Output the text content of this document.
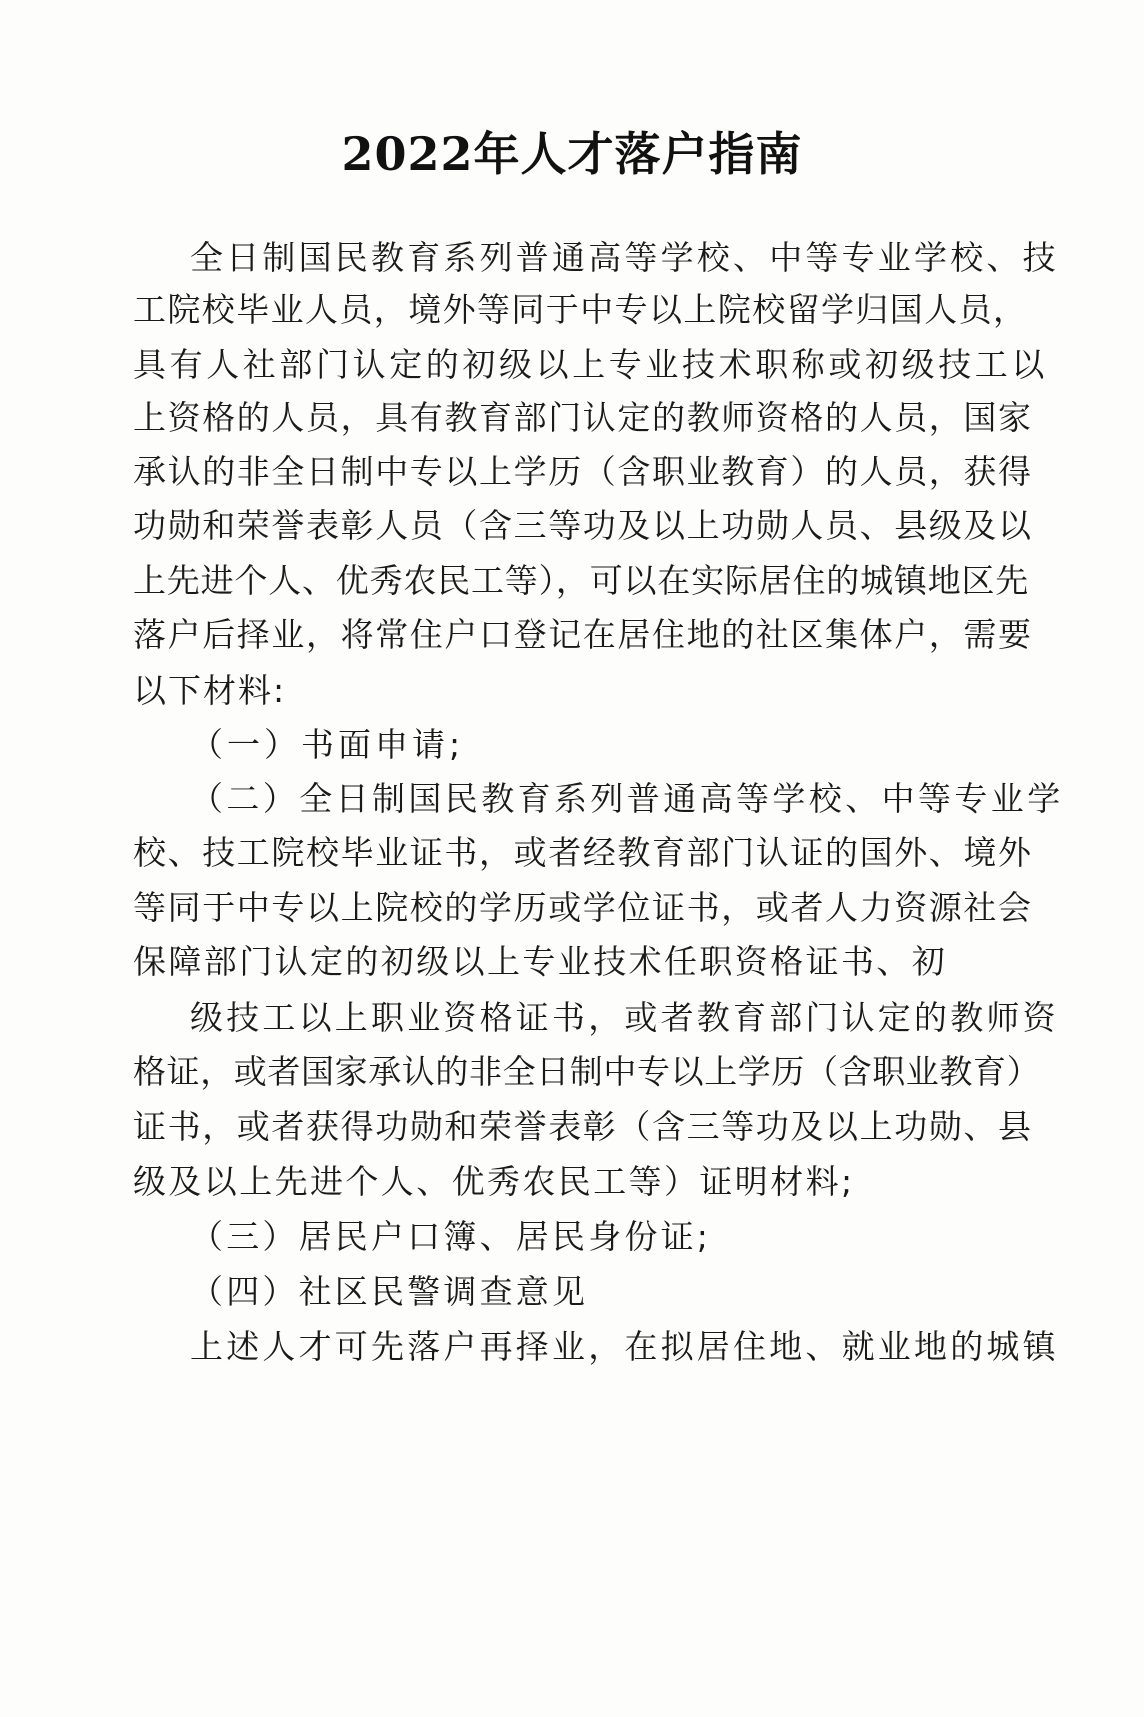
2022年人才落户指南
全日制国民教育系列普通高等学校、中等专业学校、技
工院校毕业人员，境外等同于中专以上院校留学归国人员，
具有人社部门认定的初级以上专业技术职称或初级技工以
上资格的人员，具有教育部门认定的教师资格的人员，国家
承认的非全日制中专以上学历（含职业教育）的人员，获得
功勋和荣誉表彰人员（含三等功及以上功勋人员、县级及以
上先进个人、优秀农民工等），可以在实际居住的城镇地区先
落户后择业，将常住户口登记在居住地的社区集体户，需要
以下材料:
（一）书面申请;
（二）全日制国民教育系列普通高等学校、中等专业学
校、技工院校毕业证书，或者经教育部门认证的国外、境外
等同于中专以上院校的学历或学位证书，或者人力资源社会
保障部门认定的初级以上专业技术任职资格证书、初
级技工以上职业资格证书，或者教育部门认定的教师资
格证，或者国家承认的非全日制中专以上学历（含职业教育）
证书，或者获得功勋和荣誉表彰（含三等功及以上功勋、县
级及以上先进个人、优秀农民工等）证明材料;
（三）居民户口簿、居民身份证;
（四）社区民警调查意见
上述人才可先落户再择业，在拟居住地、就业地的城镇
